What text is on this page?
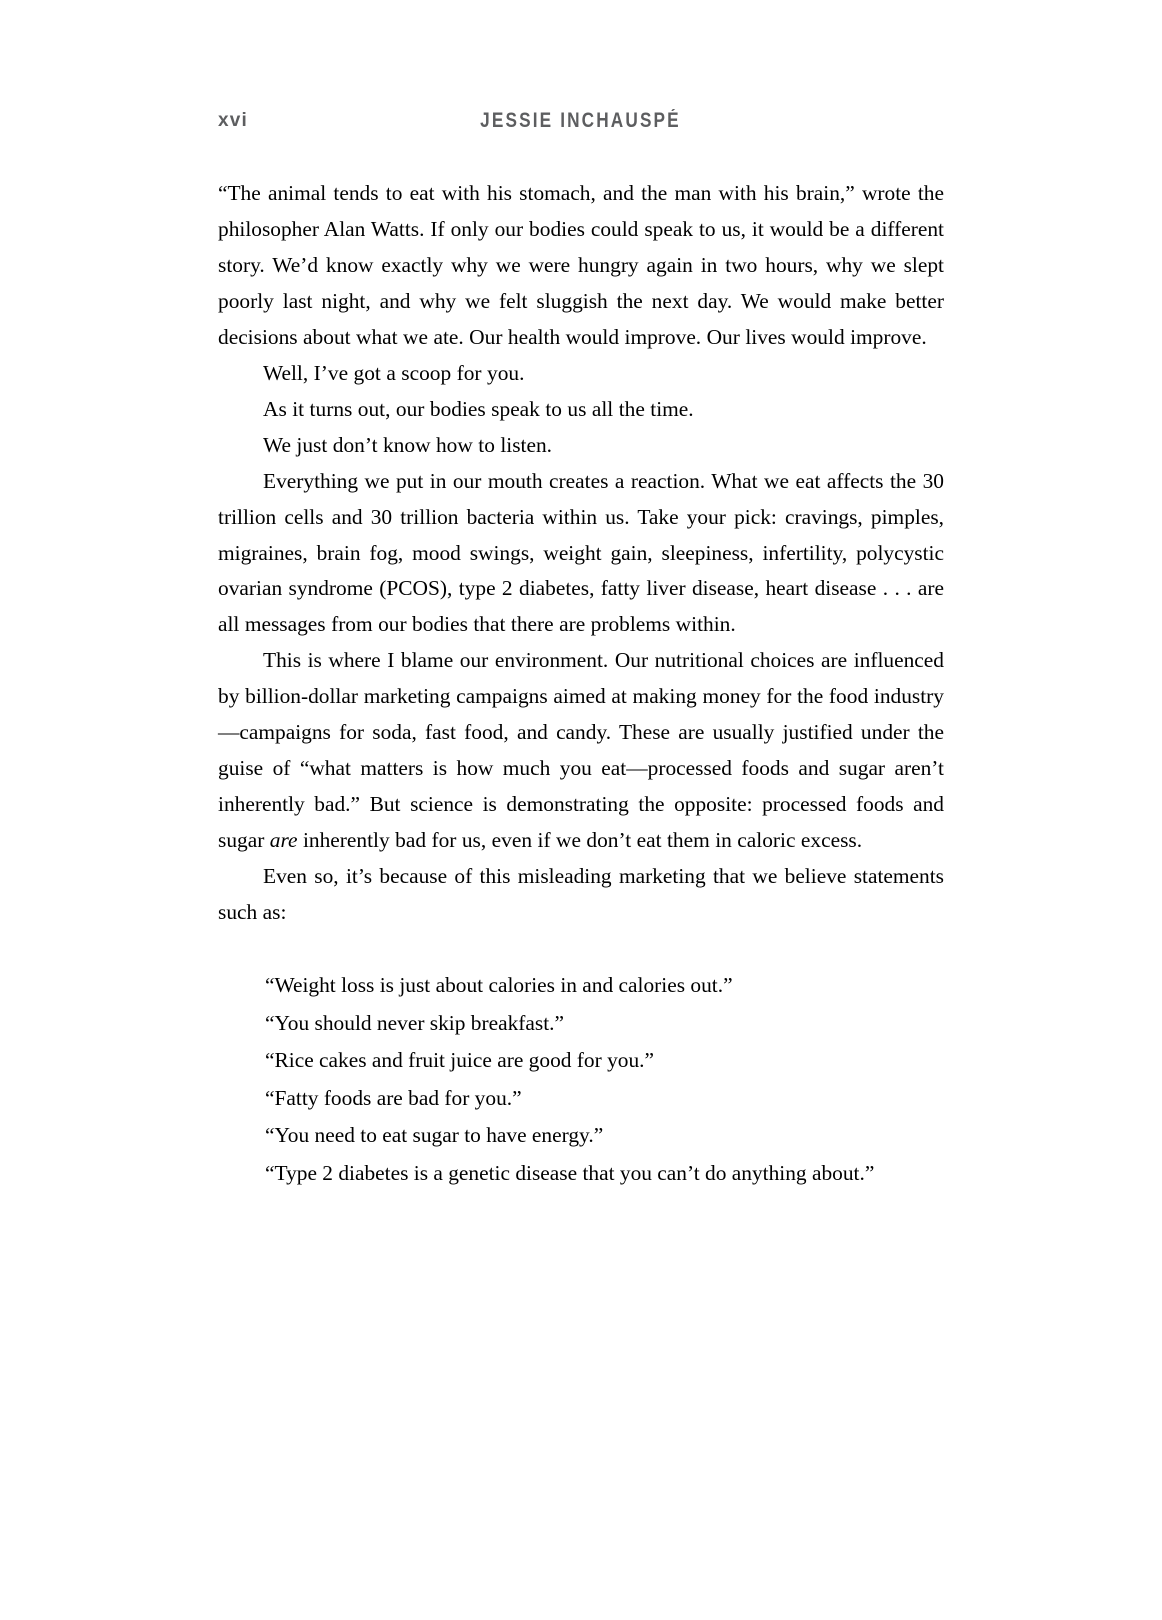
xvi	JESSIE INCHAUSPÉ

“The animal tends to eat with his stomach, and the man with his brain,” wrote the philosopher Alan Watts. If only our bodies could speak to us, it would be a different story. We’d know exactly why we were hungry again in two hours, why we slept poorly last night, and why we felt sluggish the next day. We would make better decisions about what we ate. Our health would improve. Our lives would improve.

Well, I’ve got a scoop for you.

As it turns out, our bodies speak to us all the time.

We just don’t know how to listen.

Everything we put in our mouth creates a reaction. What we eat affects the 30 trillion cells and 30 trillion bacteria within us. Take your pick: cravings, pimples, migraines, brain fog, mood swings, weight gain, sleepiness, infertility, polycystic ovarian syndrome (PCOS), type 2 diabetes, fatty liver disease, heart disease . . . are all messages from our bodies that there are problems within.

This is where I blame our environment. Our nutritional choices are influenced by billion-dollar marketing campaigns aimed at making money for the food industry—campaigns for soda, fast food, and candy. These are usually justified under the guise of “what matters is how much you eat—processed foods and sugar aren’t inherently bad.” But science is demonstrating the opposite: processed foods and sugar are inherently bad for us, even if we don’t eat them in caloric excess.

Even so, it’s because of this misleading marketing that we believe statements such as:

“Weight loss is just about calories in and calories out.”

“You should never skip breakfast.”

“Rice cakes and fruit juice are good for you.”

“Fatty foods are bad for you.”

“You need to eat sugar to have energy.”

“Type 2 diabetes is a genetic disease that you can’t do anything about.”
